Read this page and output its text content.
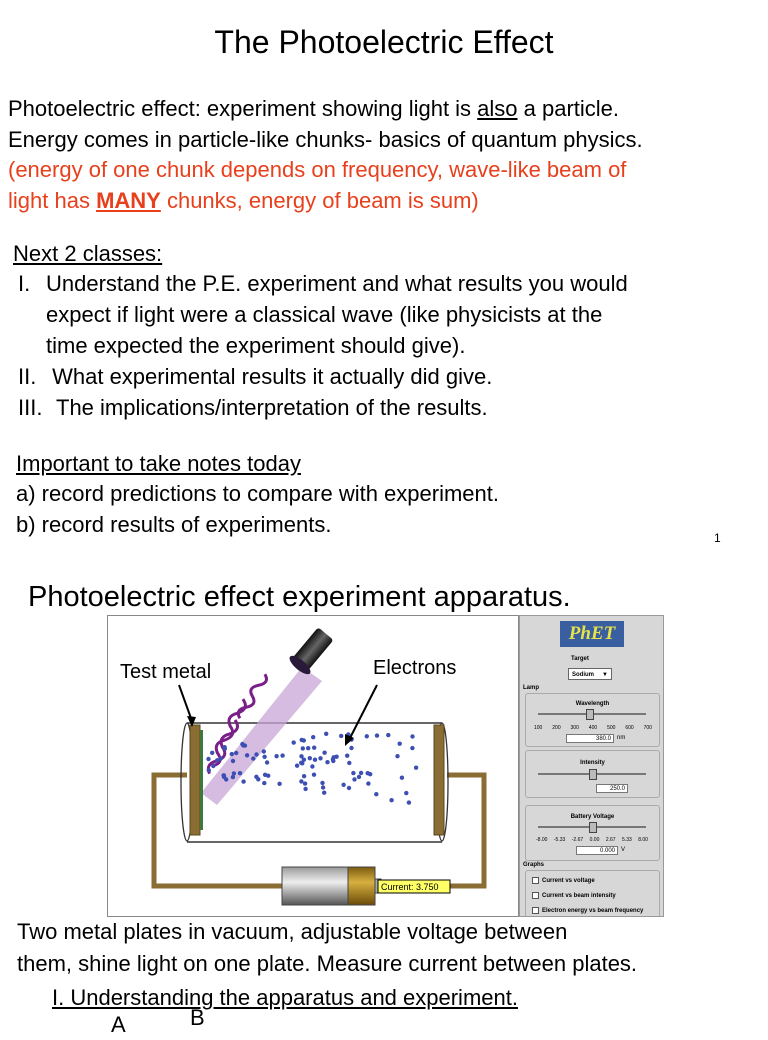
The Photoelectric Effect
Photoelectric effect: experiment showing light is also a particle.
Energy comes in particle-like chunks- basics of quantum physics.
(energy of one chunk depends on frequency, wave-like beam of
light has MANY chunks, energy of beam is sum)
Next 2 classes:
I. Understand the P.E. experiment and what results you would
expect if light were a classical wave (like physicists at the
time expected the experiment should give).
II. What experimental results it actually did give.
III. The implications/interpretation of the results.
Important to take notes today
a) record predictions to compare with experiment.
b) record results of experiments.
1
Photoelectric effect experiment apparatus.
Test metal	Electrons
Current: 3.750
PhET
Target
Sodium ▼
Lamp
Wavelength
100 200 300 400 500 600 700
380.0	nm
Intensity
250.0
Battery Voltage
-8.00 -5.33 -2.67 0.00 2.67 5.33 8.00
0.000	V
Graphs
Current vs voltage
Current vs beam intensity
Electron energy vs beam frequency
Two metal plates in vacuum, adjustable voltage between
them, shine light on one plate. Measure current between plates.
I. Understanding the apparatus and experiment.
A	B
